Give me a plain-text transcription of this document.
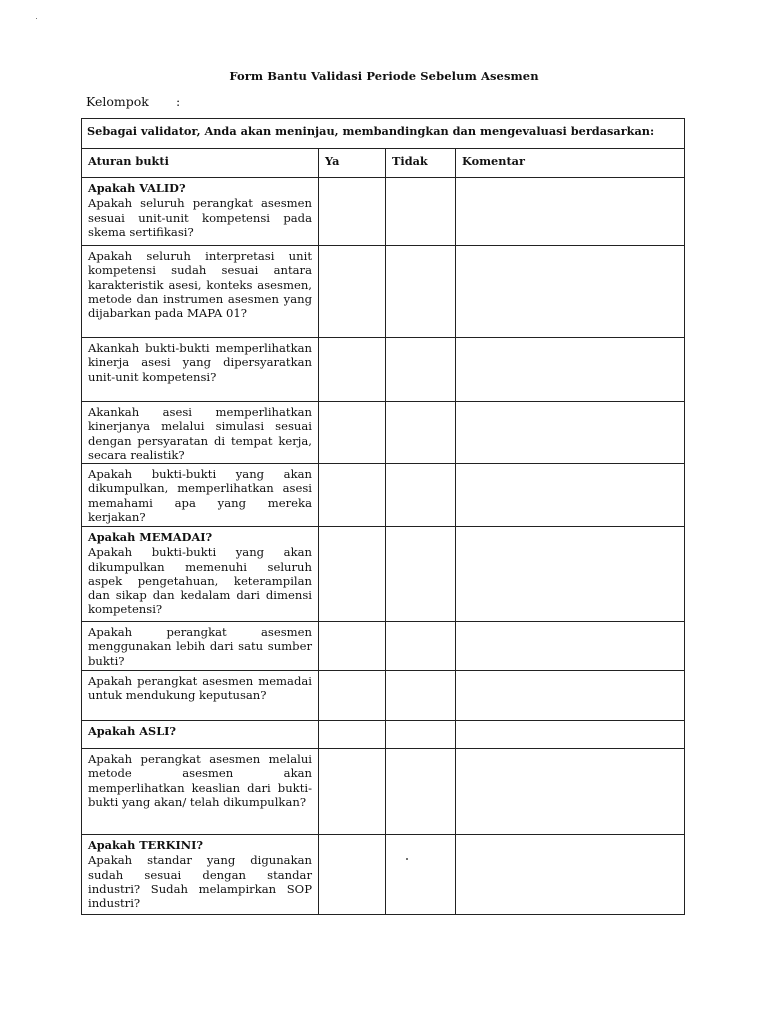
Form Bantu Validasi Periode Sebelum Asesmen
Kelompok :
Sebagai validator, Anda akan meninjau, membandingkan dan mengevaluasi berdasarkan:			
Aturan bukti	Ya	Tidak	Komentar

Apakah VALID?
Apakah seluruh perangkat asesmen sesuai unit-unit kompetensi pada skema sertifikasi?			

Apakah seluruh interpretasi unit kompetensi sudah sesuai antara karakteristik asesi, konteks asesmen, metode dan instrumen asesmen yang dijabarkan pada MAPA 01?			

Akankah bukti-bukti memperlihatkan kinerja asesi yang dipersyaratkan unit-unit kompetensi?			

Akankah asesi memperlihatkan kinerjanya melalui simulasi sesuai dengan persyaratan di tempat kerja, secara realistik?			

Apakah bukti-bukti yang akan dikumpulkan, memperlihatkan asesi memahami apa yang mereka kerjakan?			

Apakah MEMADAI?
Apakah bukti-bukti yang akan dikumpulkan memenuhi seluruh aspek pengetahuan, keterampilan dan sikap dan kedalam dari dimensi kompetensi?			

Apakah perangkat asesmen menggunakan lebih dari satu sumber bukti?			

Apakah perangkat asesmen memadai untuk mendukung keputusan?			

Apakah ASLI?			

Apakah perangkat asesmen melalui metode asesmen akan memperlihatkan keaslian dari bukti-bukti yang akan/ telah dikumpulkan?			

Apakah TERKINI?
Apakah standar yang digunakan sudah sesuai dengan standar industri? Sudah melampirkan SOP industri?			
